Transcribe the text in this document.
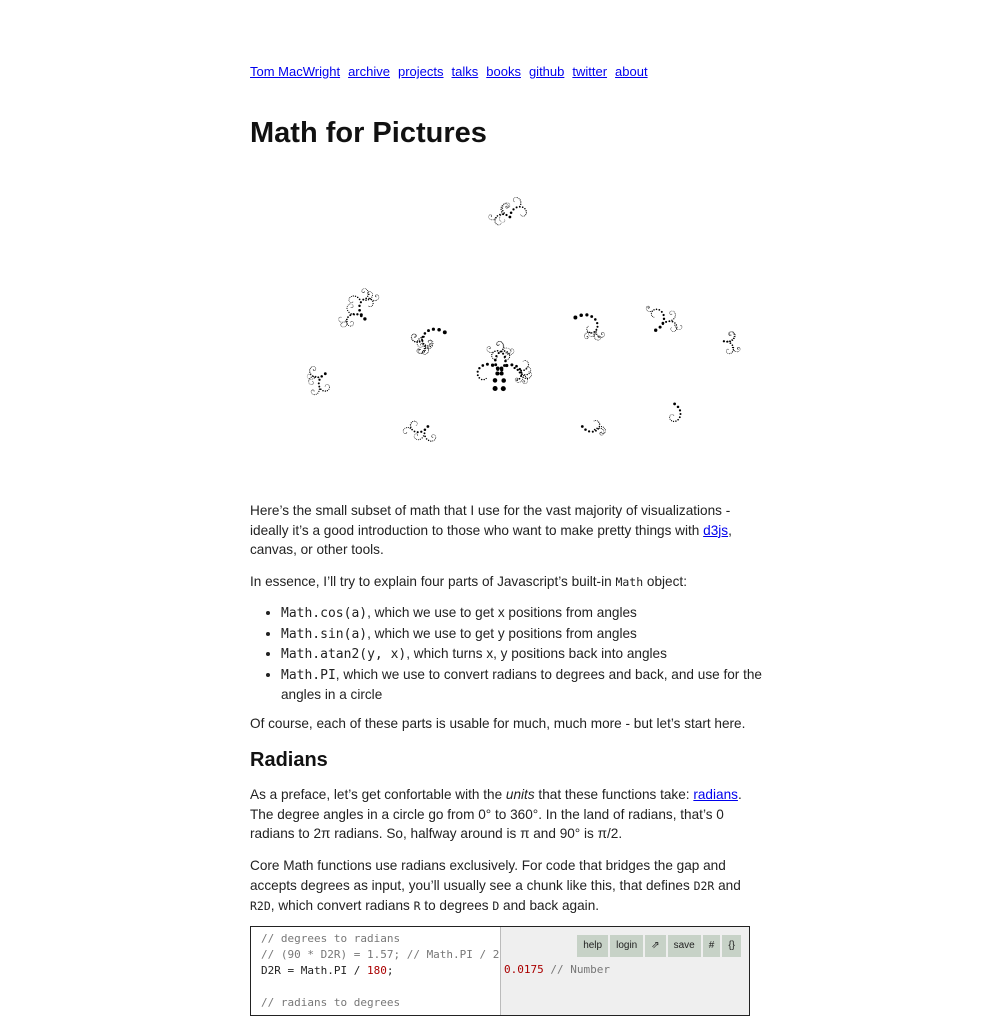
Tom MacWright archive projects talks books github twitter about
Math for Pictures

Here’s the small subset of math that I use for the vast majority of visualizations - ideally it’s a good introduction to those who want to make pretty things with d3js, canvas, or other tools.

In essence, I’ll try to explain four parts of Javascript’s built-in Math object:

• Math.cos(a), which we use to get x positions from angles
• Math.sin(a), which we use to get y positions from angles
• Math.atan2(y, x), which turns x, y positions back into angles
• Math.PI, which we use to convert radians to degrees and back, and use for the angles in a circle

Of course, each of these parts is usable for much, much more - but let’s start here.

Radians

As a preface, let’s get confortable with the units that these functions take: radians. The degree angles in a circle go from 0° to 360°. In the land of radians, that’s 0 radians to 2π radians. So, halfway around is π and 90° is π/2.

Core Math functions use radians exclusively. For code that bridges the gap and accepts degrees as input, you’ll usually see a chunk like this, that defines D2R and R2D, which convert radians R to degrees D and back again.

// degrees to radians
// (90 * D2R) = 1.57; // Math.PI / 2
D2R = Math.PI / 180;

// radians to degrees
help	login	⇗	save	#	{}
0.0175 // Number
